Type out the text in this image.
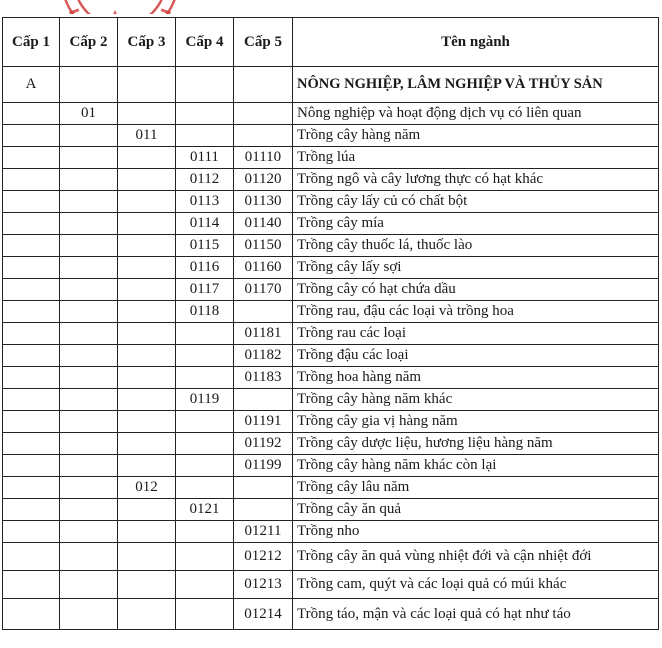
Cấp 1	Cấp 2	Cấp 3	Cấp 4	Cấp 5	Tên ngành
A					NÔNG NGHIỆP, LÂM NGHIỆP VÀ THỦY SẢN
	01				Nông nghiệp và hoạt động dịch vụ có liên quan
		011			Trồng cây hàng năm
			0111	01110	Trồng lúa
			0112	01120	Trồng ngô và cây lương thực có hạt khác
			0113	01130	Trồng cây lấy củ có chất bột
			0114	01140	Trồng cây mía
			0115	01150	Trồng cây thuốc lá, thuốc lào
			0116	01160	Trồng cây lấy sợi
			0117	01170	Trồng cây có hạt chứa dầu
			0118		Trồng rau, đậu các loại và trồng hoa
				01181	Trồng rau các loại
				01182	Trồng đậu các loại
				01183	Trồng hoa hàng năm
			0119		Trồng cây hàng năm khác
				01191	Trồng cây gia vị hàng năm
				01192	Trồng cây dược liệu, hương liệu hàng năm
				01199	Trồng cây hàng năm khác còn lại
		012			Trồng cây lâu năm
			0121		Trồng cây ăn quả
				01211	Trồng nho
				01212	Trồng cây ăn quả vùng nhiệt đới và cận nhiệt đới
				01213	Trồng cam, quýt và các loại quả có múi khác
				01214	Trồng táo, mận và các loại quả có hạt như táo
